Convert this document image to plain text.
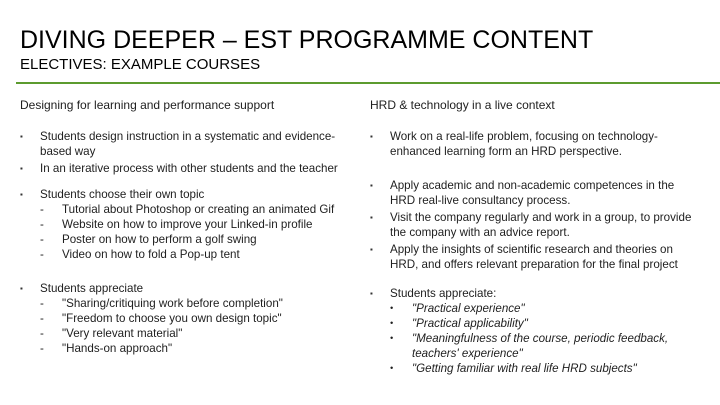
DIVING DEEPER – EST PROGRAMME CONTENT
ELECTIVES: EXAMPLE COURSES
Designing for learning and performance support
▪ Students design instruction in a systematic and evidence-based way
▪ In an iterative process with other students and the teacher
▪ Students choose their own topic
- Tutorial about Photoshop or creating an animated Gif
- Website on how to improve your Linked-in profile
- Poster on how to perform a golf swing
- Video on how to fold a Pop-up tent
▪ Students appreciate
- "Sharing/critiquing work before completion"
- "Freedom to choose you own design topic"
- "Very relevant material"
- "Hands-on approach"
HRD & technology in a live context
▪ Work on a real-life problem, focusing on technology-enhanced learning form an HRD perspective.
▪ Apply academic and non-academic competences in the HRD real-live consultancy process.
▪ Visit the company regularly and work in a group, to provide the company with an advice report.
▪ Apply the insights of scientific research and theories on HRD, and offers relevant preparation for the final project
▪ Students appreciate:
• "Practical experience"
• "Practical applicability"
• "Meaningfulness of the course, periodic feedback, teachers' experience"
• "Getting familiar with real life HRD subjects"
